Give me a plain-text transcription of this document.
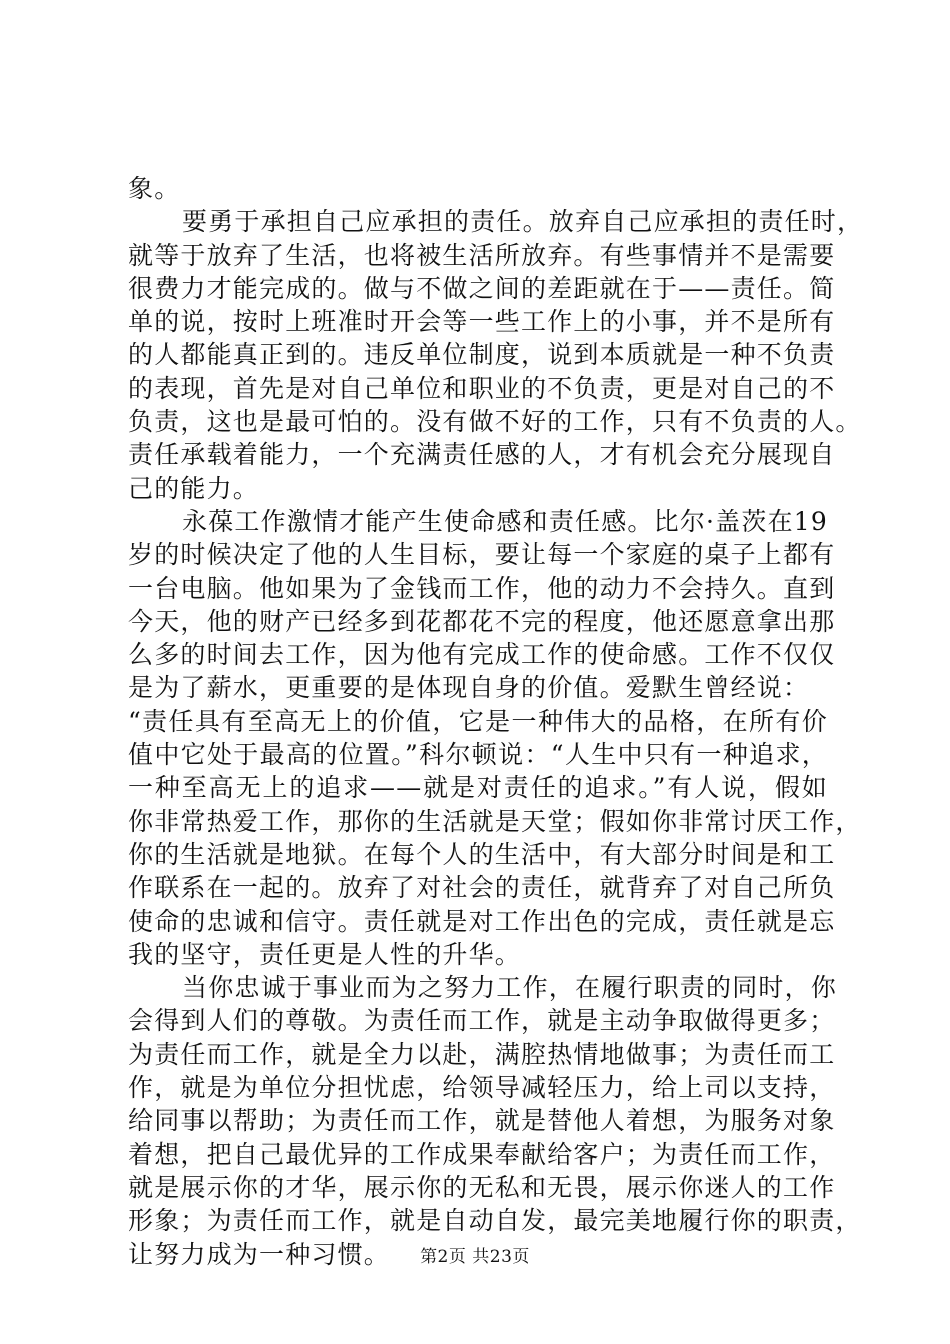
象。
要勇于承担自己应承担的责任。放弃自己应承担的责任时，
就等于放弃了生活，也将被生活所放弃。有些事情并不是需要
很费力才能完成的。做与不做之间的差距就在于——责任。简
单的说，按时上班准时开会等一些工作上的小事，并不是所有
的人都能真正到的。违反单位制度，说到本质就是一种不负责
的表现，首先是对自己单位和职业的不负责，更是对自己的不
负责，这也是最可怕的。没有做不好的工作，只有不负责的人。
责任承载着能力，一个充满责任感的人，才有机会充分展现自
己的能力。
永葆工作激情才能产生使命感和责任感。比尔·盖茨在19
岁的时候决定了他的人生目标，要让每一个家庭的桌子上都有
一台电脑。他如果为了金钱而工作，他的动力不会持久。直到
今天，他的财产已经多到花都花不完的程度，他还愿意拿出那
么多的时间去工作，因为他有完成工作的使命感。工作不仅仅
是为了薪水，更重要的是体现自身的价值。爱默生曾经说：
“责任具有至高无上的价值，它是一种伟大的品格，在所有价
值中它处于最高的位置。”科尔顿说：“人生中只有一种追求，
一种至高无上的追求——就是对责任的追求。”有人说，假如
你非常热爱工作，那你的生活就是天堂；假如你非常讨厌工作，
你的生活就是地狱。在每个人的生活中，有大部分时间是和工
作联系在一起的。放弃了对社会的责任，就背弃了对自己所负
使命的忠诚和信守。责任就是对工作出色的完成，责任就是忘
我的坚守，责任更是人性的升华。
当你忠诚于事业而为之努力工作，在履行职责的同时，你
会得到人们的尊敬。为责任而工作，就是主动争取做得更多；
为责任而工作，就是全力以赴，满腔热情地做事；为责任而工
作，就是为单位分担忧虑，给领导减轻压力，给上司以支持，
给同事以帮助；为责任而工作，就是替他人着想，为服务对象
着想，把自己最优异的工作成果奉献给客户；为责任而工作，
就是展示你的才华，展示你的无私和无畏，展示你迷人的工作
形象；为责任而工作，就是自动自发，最完美地履行你的职责，
让努力成为一种习惯。	第2页 共23页
